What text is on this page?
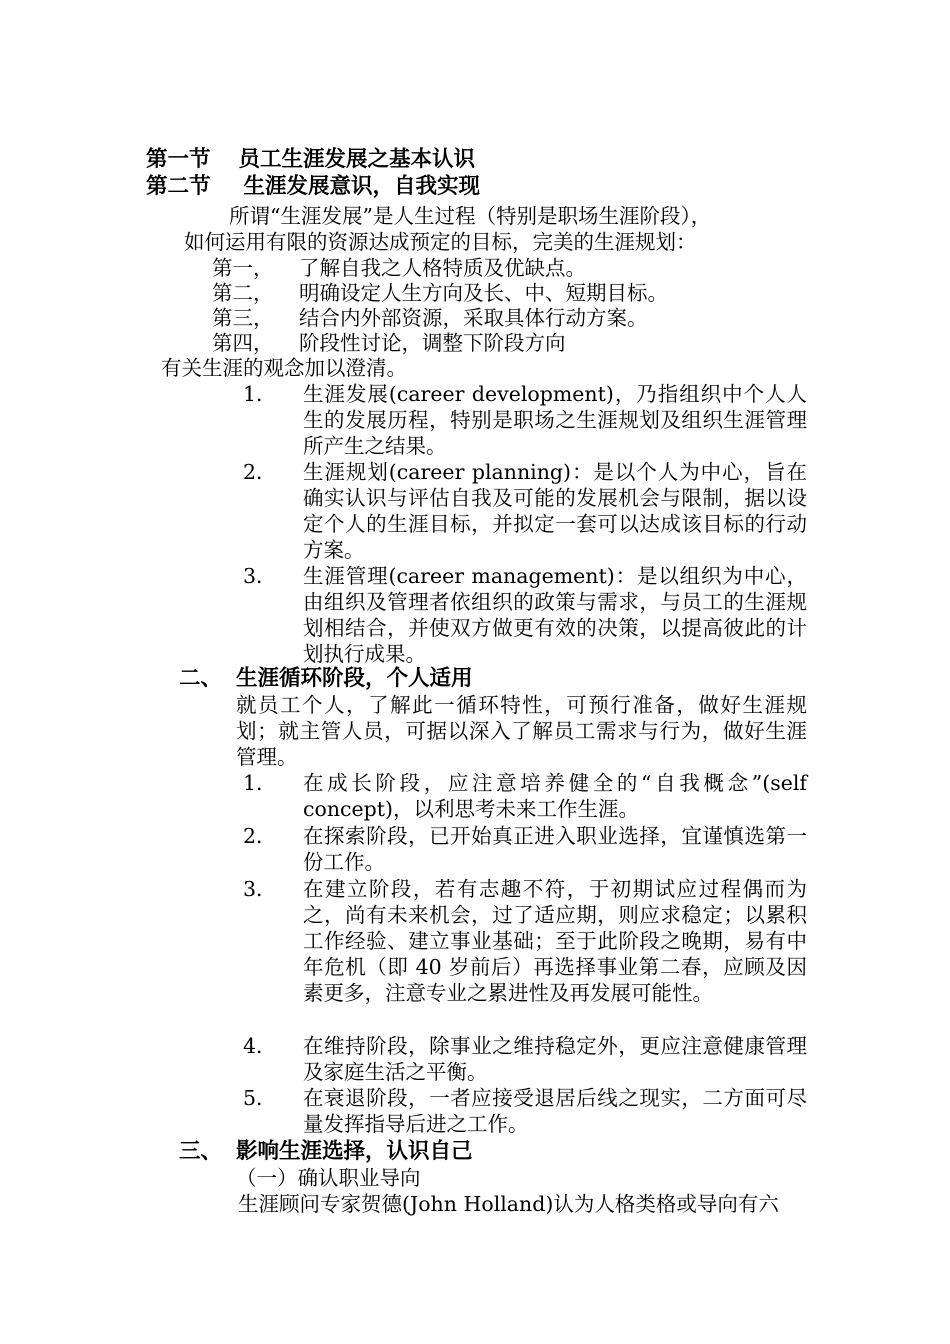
第一节 员工生涯发展之基本认识
第二节 生涯发展意识，自我实现
所谓“生涯发展”是人生过程（特别是职场生涯阶段），
如何运用有限的资源达成预定的目标，完美的生涯规划：
第一， 了解自我之人格特质及优缺点。
第二， 明确设定人生方向及长、中、短期目标。
第三， 结合内外部资源，采取具体行动方案。
第四， 阶段性讨论，调整下阶段方向
有关生涯的观念加以澄清。
1． 生涯发展(career development)，乃指组织中个人人生的发展历程，特别是职场之生涯规划及组织生涯管理所产生之结果。
2． 生涯规划(career planning)：是以个人为中心，旨在确实认识与评估自我及可能的发展机会与限制，据以设定个人的生涯目标，并拟定一套可以达成该目标的行动方案。
3． 生涯管理(career management)：是以组织为中心，由组织及管理者依组织的政策与需求，与员工的生涯规划相结合，并使双方做更有效的决策，以提高彼此的计划执行成果。
二、 生涯循环阶段，个人适用
就员工个人，了解此一循环特性，可预行准备，做好生涯规划；就主管人员，可据以深入了解员工需求与行为，做好生涯管理。
1． 在成长阶段，应注意培养健全的“自我概念”(self concept)，以利思考未来工作生涯。
2． 在探索阶段，已开始真正进入职业选择，宜谨慎选第一份工作。
3． 在建立阶段，若有志趣不符，于初期试应过程偶而为之，尚有未来机会，过了适应期，则应求稳定；以累积工作经验、建立事业基础；至于此阶段之晚期，易有中年危机（即 40 岁前后）再选择事业第二春，应顾及因素更多，注意专业之累进性及再发展可能性。
4． 在维持阶段，除事业之维持稳定外，更应注意健康管理及家庭生活之平衡。
5． 在衰退阶段，一者应接受退居后线之现实，二方面可尽量发挥指导后进之工作。
三、 影响生涯选择，认识自己
（一）确认职业导向
生涯顾问专家贺德(John Holland)认为人格类格或导向有六
